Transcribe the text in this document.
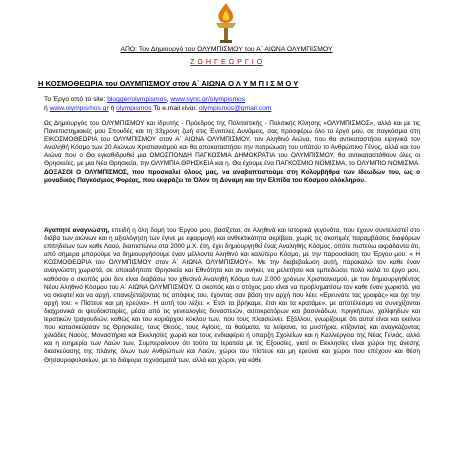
ΑΠΟ: Τον Δημιουργό του ΟΛΥΜΠΙΣΜΟΥ του Α΄ ΑΙΩΝΑ ΟΛΥΜΠΙΣΜΟΥ
Ζ Ω Η Γ Ε Ω Ρ Γ Ι Ο
Η ΚΟΣΜΟΘΕΩΡΙΑ του ΟΛΥΜΠΙΣΜΟΥ στον Α΄ ΑΙΩΝΑ Ο Λ Υ Μ Π Ι Σ Μ Ο Υ
Το Έργο από το site: blogger/olympismos, www.sync.gr/olympismos
ή www.olympismos.gr ή olympismos Το e.mail είναι: olympismos@gmail.com
Ως Δημιουργός του ΟΛΥΜΠΙΣΜΟΥ και Ιδρυτής - Πρόεδρος της Πολιτιστικής - Πολιτικής Κίνησης «ΟΛΥΜΠΙΣΜΟΣ», αλλά και με τις Πανεπιστημιακές μου Σπουδές και τη 33χρονη ζωή στις Ένοπλες Δυνάμεις, σας προσφέρω όλο το έργο μου, σε παγκόσμια στη ΕΙΚΟΣΜΟΘΕΩΡΙΑ του ΟΛΥΜΠΙΣΜΟΥ στον Α΄ ΑΙΩΝΑ ΟΛΥΜΠΙΣΜΟΥ, τον Αληθινό Αιώνα, που θα αντικαταστήσει ειρηνικά τον Αναληθή Κόσμο των 20 Αιώνων Χριστιανισμού και θα αποκαταστήσει την πατρώωση του υπάτου το Ανθρώπινο Γένος, αλλά και του Αιώνα που ο Θα εγκαθιδρυθεί μια ΟΜΟΣΠΟΝΔΗ ΠΑΓΚΟΣΜΙΑ ΔΗΜΟΚΡΑΤΙΑ του ΟΛΥΜΠΙΣΜΟΥ, θα αντικαταστάθουν όλες οι Θρησκείες, με μια Νέα Θρησκεία, την ΟΛΥΜΠΙΑ ΘΡΗΣΚΕΙΑ και η. Θα έχουμε ένα ΠΑΓΚΟΣΜΙΟ ΝΟΜΙΣΜΑ, το ΟΛΥΜΠΙΟ ΝΟΜΙΣΜΑ. ΔΟΞΑΣΟΙ Ο ΟΛΥΜΠΙΣΜΟΣ, που προσκαλεί όλους μας, να αναβαπτιστούμε στη Κολυμβήθρα των Ιδεωδών του, ως ο μοναδικός Παγκόσμιος Φορέας, που εκφράζει το Όλον τη Δύναμη και την Ελπίδα του Κόσμου ολόκληρου.
Αγαπητέ αναγνώστη, επειδή η όλη δομή του Έργου μου, βασίζεται, σε Αληθινά και Ιστορικά γεγονότα, που έχουν συντελεστεί στο διάβα των αιώνων και η αξιολόγηση των έγινε με εφαρμογή και ανθεκτικότητα ακρίβεια, χωρίς τις σκοπιμές παραμβάσεις διαφόρων επιτηδείων των καθε Λαού, διαπιστώνω στα 2000 μ.Χ. έτη, έχει δημιουργηθεί ένας Αναληθής Κόσμος, οπότε πιστεύω ακράδαντα ότι, από σήμερα μπορούμε να δημιουργήσουμε έναν μέλλοντα Αληθινό και καλύτερο Κόσμο, με την παρουσίαση του Έργου μου: « Η ΚΟΣΜΟΘΕΩΡΙΑ του ΟΛΥΜΠΙΣΜΟΥ στον Α΄ ΑΙΩΝΑ ΟΛΥΜΠΙΣΜΟΥ». Με την διαβεβαίωση αυτή, παρακαλώ τον καθε έναν αναγνώστη χωριστά, σε οποιαδήποτε Θρησκεία και Εθνότητα και αν ανήκει, να μελετήσει και εμπεδώσει πολύ καλά το έργο μου, καθόσον ο σκοπός μου δεν είναι διαβάσω τον χθεσινό Αναληθή Κόσμο των 2.000 χρόνων Χριστιανισμού, με τον δημιουργηθέντος Νέου Αληθινό Κόσμου του Α΄ ΑΙΩΝΑ ΟΛΥΜΠΙΣΜΟΥ. Ο σκοπός και ο στόχος μου είναι να προβληματίσω τον καθε έναν χωριστά, για να σκεφτεί και να αρχή, επανεξετάζοντας τις απόψεις του, έχοντας σαν βάση την αρχή που λέει: «Ερευνάτε τας γραφάς» και όχι την αρχή του: « Πίστευε και μη ερεύνα». Η αυτή του λέξει: « Έτσι τα βρήκαμε, έτσι και τα κρατάμε», με αποτέλεσμα να συνεχίζονται διαχρονικά οι ψευδοιστορίες, μέσα από τις γενεαλογίες δυναστειών, αυτοκρατόρων και βασιλιάδων, πριγκήπων, χαλίφηδων και Ιερατικών τραγουδιών, καθώς και του κυριάρχου κύκλου των, που τους πλαισιώνει. Εξάλλου, γνωρίζουμε ότι αυτοί είναι και εκείνοι που κατασκεύασαν τις Θρησκείες, τους Θεούς, τους Αγίους, τα θαύματα, τα λείψανα, τα μυστήρια, κτίζοντας και αναγκάζοντας χιλιάδες Ναούς, Μοναστήρια και Εκκλησίες χωριά και τους ενδιαφέρει ή υπαρξη Σχολείων και η Καλλιέργεια της Νέας Γενιάς, αλλά και η ευημερία των Λαών των. Συμπεραίνουν ότι τούτο τα Ιερατεία με τις Εξουσίες, γιατί οι Εκκλησίες είναι χώροι της άνεσης διασκεύασης της πλάνης όλων των Ανθρώπων και Λαών, χώροι του πίστευε και μη ερεύνα και χώροι που επέχουν και θέση Θησαυροφυλακίων, με τα διάφορα τεχνάσματά των, αλλά και χώροι, για κάθε
